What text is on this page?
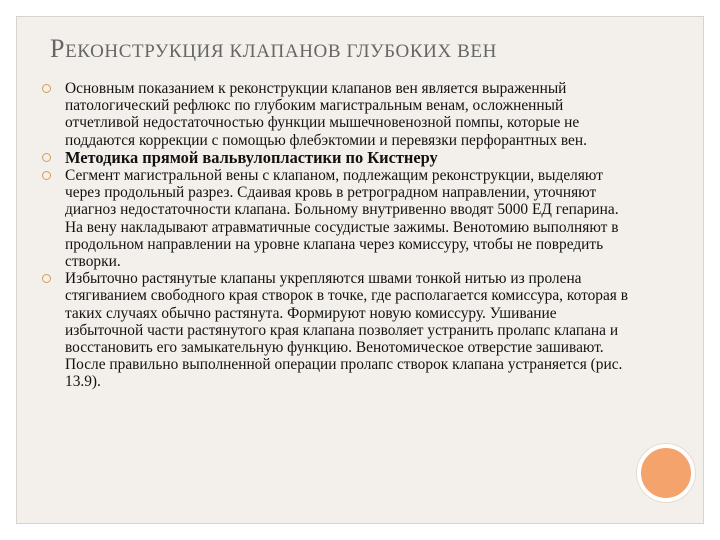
РЕКОНСТРУКЦИЯ КЛАПАНОВ ГЛУБОКИХ ВЕН
Основным показанием к реконструкции клапанов вен является выраженный патологический рефлюкс по глубоким магистральным венам, осложненный отчетливой недостаточностью функции мышечновенозной помпы, которые не поддаются коррекции с помощью флебэктомии и перевязки перфорантных вен.
Методика прямой вальвулопластики по Кистнеру
Сегмент магистральной вены с клапаном, подлежащим реконструкции, выделяют через продольный разрез. Сдаивая кровь в ретроградном направлении, уточняют диагноз недостаточности клапана. Больному внутривенно вводят 5000 ЕД гепарина. На вену накладывают атравматичные сосудистые зажимы. Венотомию выполняют в продольном направлении на уровне клапана через комиссуру, чтобы не повредить створки.
Избыточно растянутые клапаны укрепляются швами тонкой нитью из пролена стягиванием свободного края створок в точке, где располагается комиссура, которая в таких случаях обычно растянута. Формируют новую комиссуру. Ушивание избыточной части растянутого края клапана позволяет устранить пролапс клапана и восстановить его замыкательную функцию. Венотомическое отверстие зашивают. После правильно выполненной операции пролапс створок клапана устраняется (рис. 13.9).
